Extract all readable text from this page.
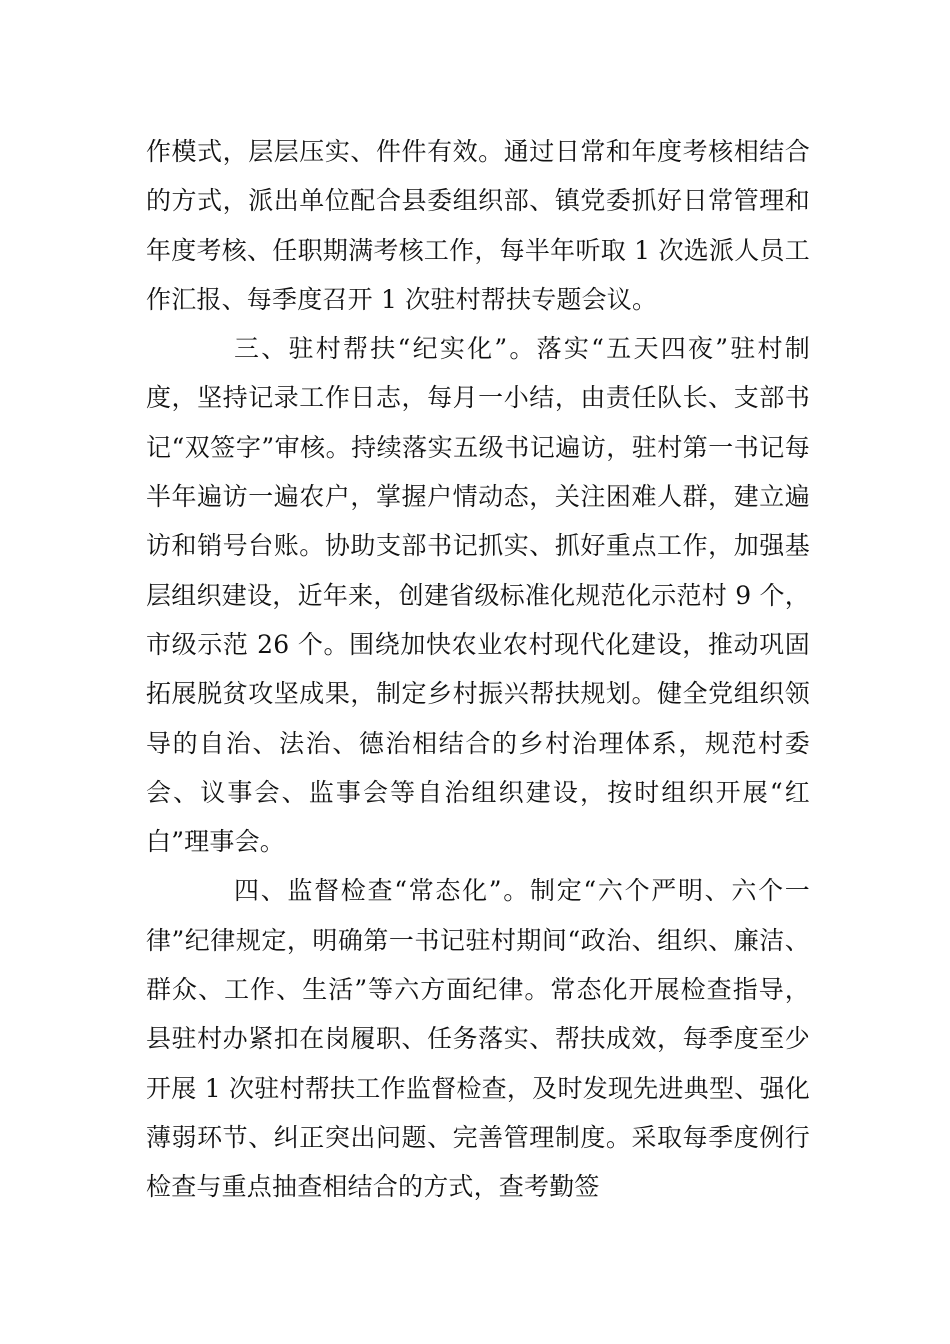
作模式，层层压实、件件有效。通过日常和年度考核相结合的方式，派出单位配合县委组织部、镇党委抓好日常管理和年度考核、任职期满考核工作，每半年听取 1 次选派人员工作汇报、每季度召开 1 次驻村帮扶专题会议。

三、驻村帮扶“纪实化”。落实“五天四夜”驻村制度，坚持记录工作日志，每月一小结，由责任队长、支部书记“双签字”审核。持续落实五级书记遍访，驻村第一书记每半年遍访一遍农户，掌握户情动态，关注困难人群，建立遍访和销号台账。协助支部书记抓实、抓好重点工作，加强基层组织建设，近年来，创建省级标准化规范化示范村 9 个，市级示范 26 个。围绕加快农业农村现代化建设，推动巩固拓展脱贫攻坚成果，制定乡村振兴帮扶规划。健全党组织领导的自治、法治、德治相结合的乡村治理体系，规范村委会、议事会、监事会等自治组织建设，按时组织开展“红白”理事会。

四、监督检查“常态化”。制定“六个严明、六个一律”纪律规定，明确第一书记驻村期间“政治、组织、廉洁、群众、工作、生活”等六方面纪律。常态化开展检查指导，县驻村办紧扣在岗履职、任务落实、帮扶成效，每季度至少开展 1 次驻村帮扶工作监督检查，及时发现先进典型、强化薄弱环节、纠正突出问题、完善管理制度。采取每季度例行检查与重点抽查相结合的方式，查考勤签
